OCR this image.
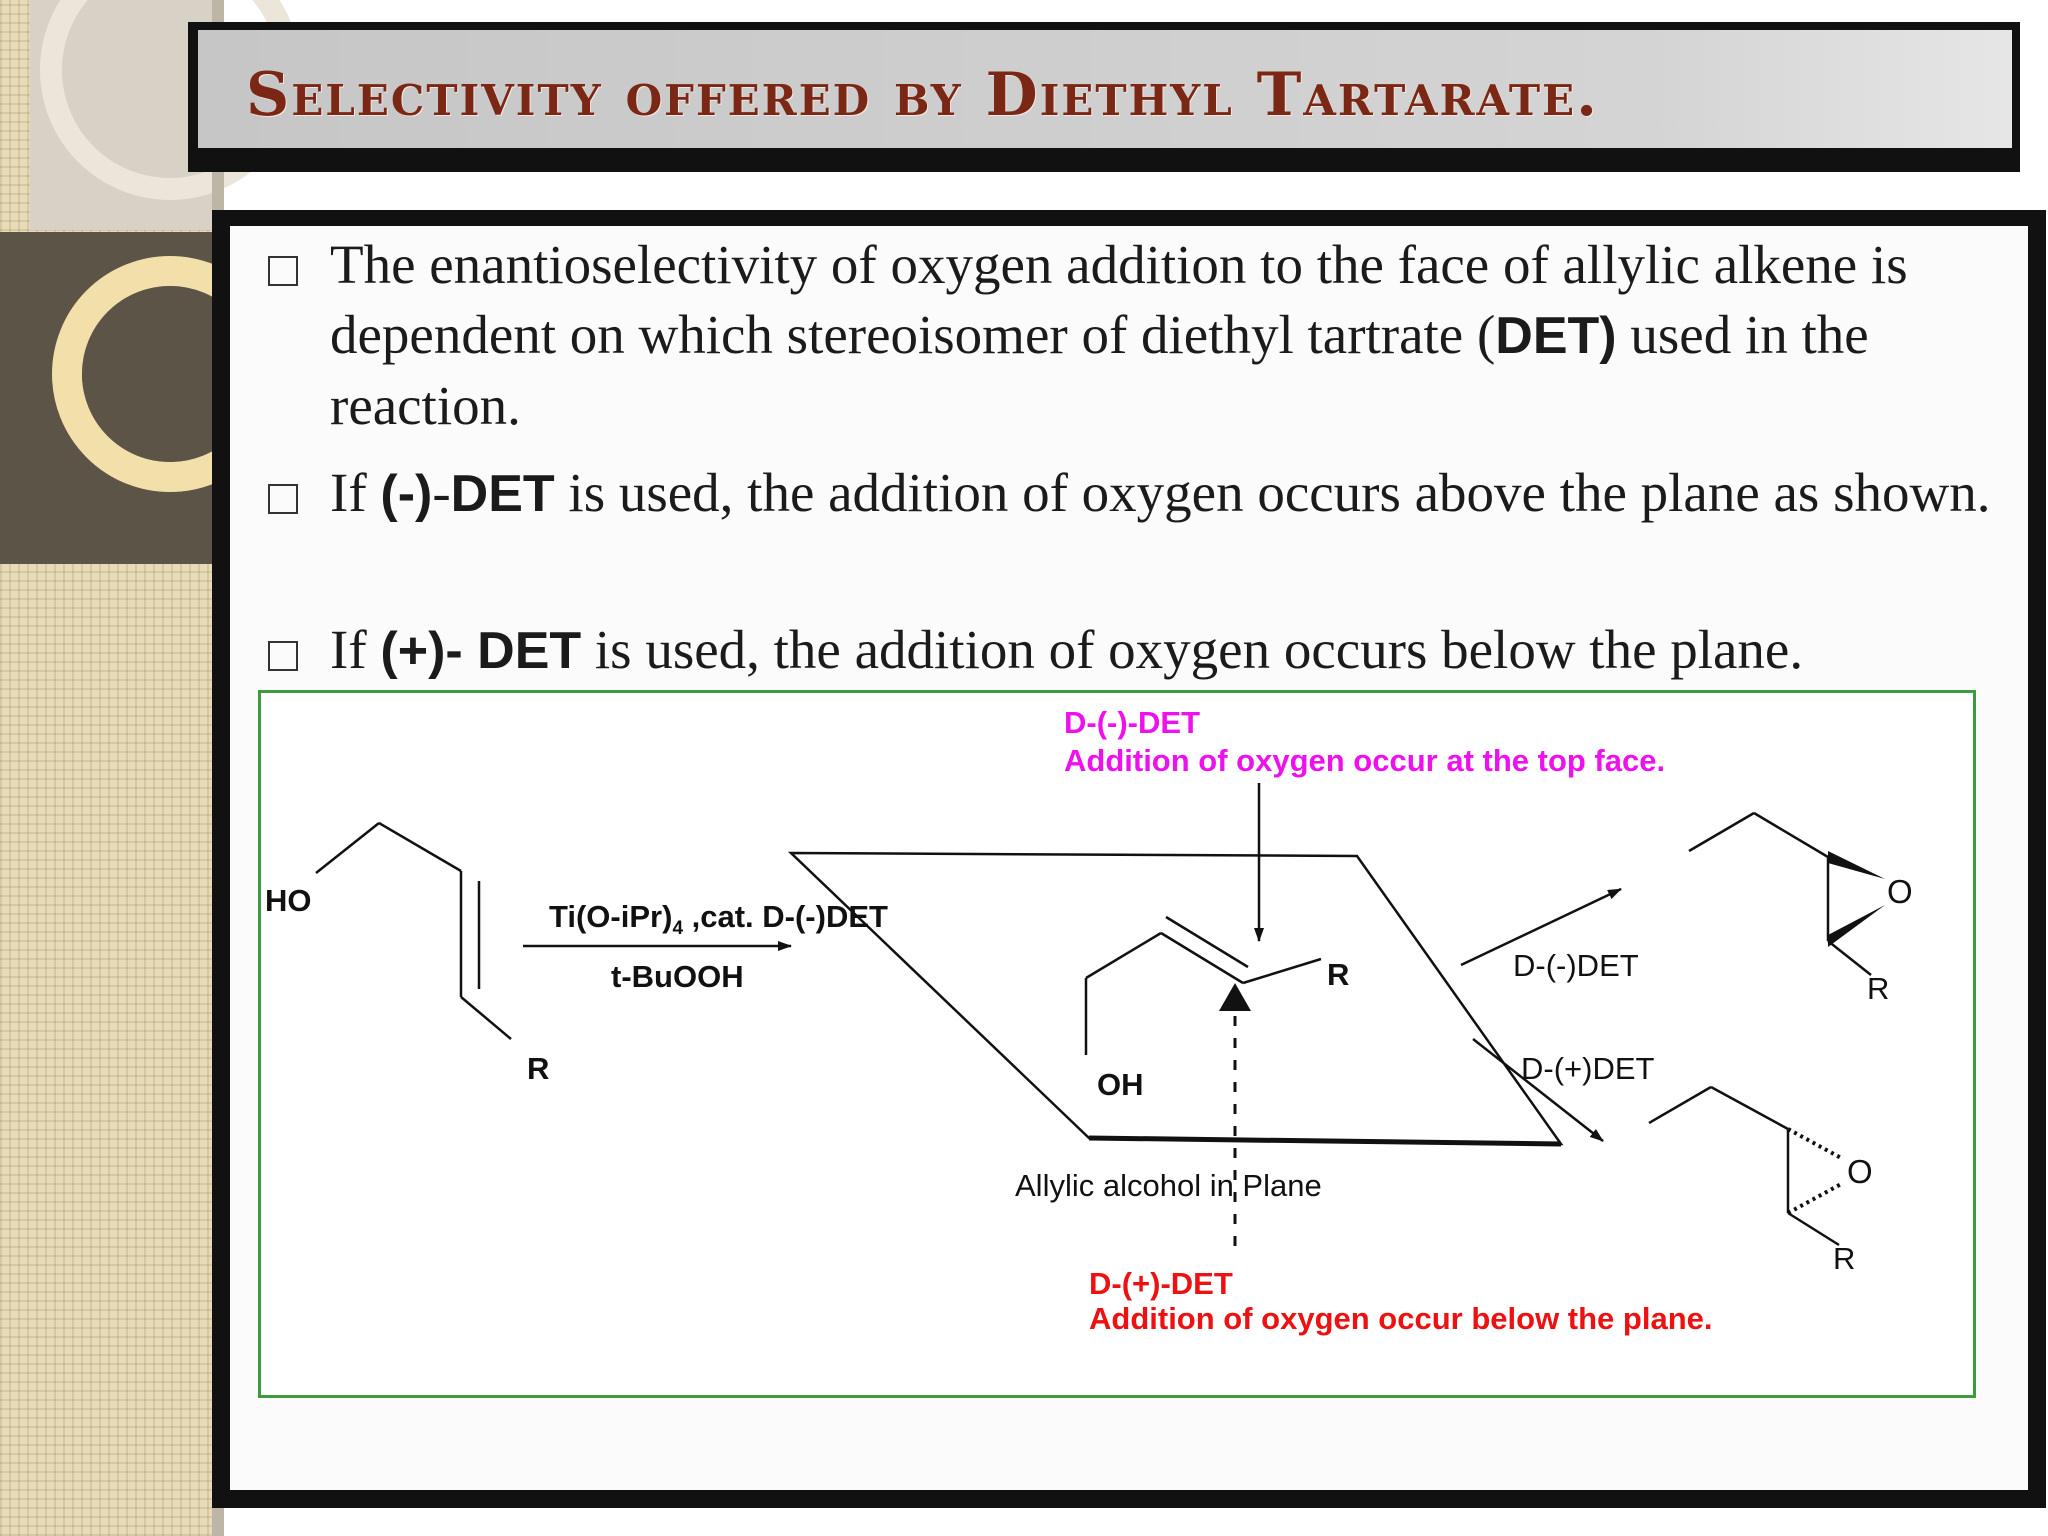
Selectivity offered by Diethyl Tartarate.
The enantioselectivity of oxygen addition to the face of allylic alkene is dependent on which stereoisomer of diethyl tartrate (DET) used in the reaction.
If (-)-DET is used, the addition of oxygen occurs above the plane as shown.
If (+)- DET is used, the addition of oxygen occurs below the plane.
HO
R
$Ti(O-iPr)_4$ ,cat. D-(-)DET
t-BuOOH
D-(-)-DET
Addition of oxygen occur at the top face.
R
OH
Allylic alcohol in Plane
D-(+)-DET
Addition of oxygen occur below the plane.
D-(-)DET
D-(+)DET
O
R
O
R
